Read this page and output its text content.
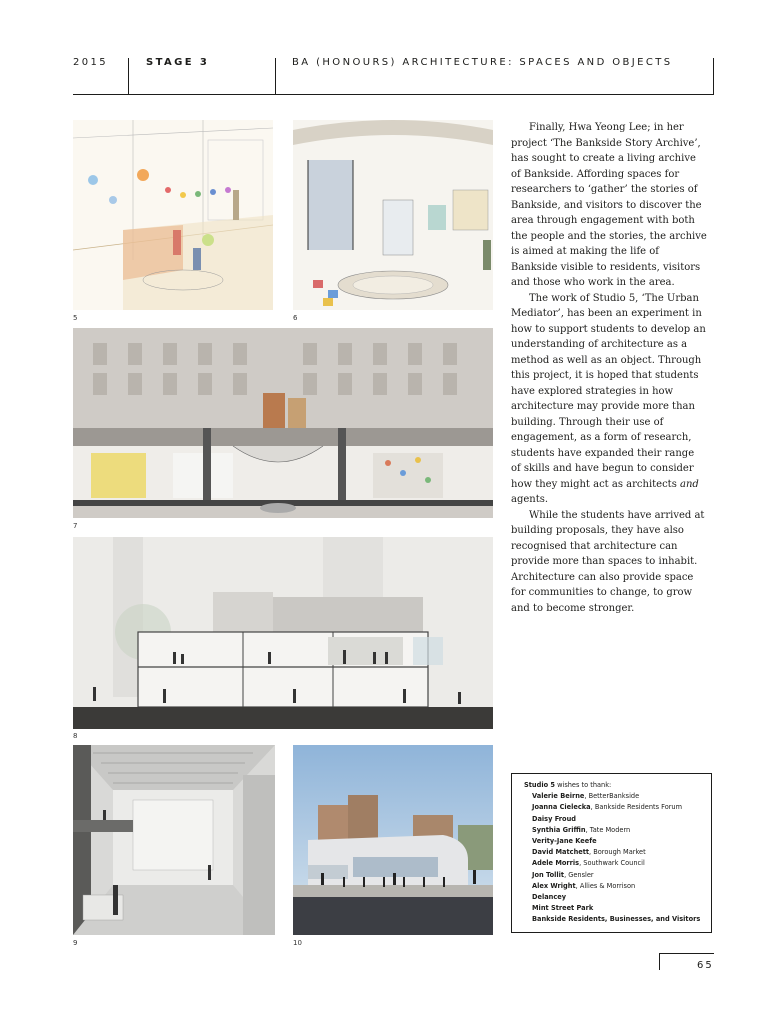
2015	STAGE 3	BA (HONOURS) ARCHITECTURE: SPACES AND OBJECTS
5	6
7
8
9	10

Finally, Hwa Yeong Lee; in her project ‘The Bankside Story Archive’, has sought to create a living archive of Bankside. Affording spaces for researchers to ‘gather’ the stories of Bankside, and visitors to discover the area through engagement with both the people and the stories, the archive is aimed at making the life of Bankside visible to residents, visitors and those who work in the area.

The work of Studio 5, ‘The Urban Mediator’, has been an experiment in how to support students to develop an understanding of architecture as a method as well as an object. Through this project, it is hoped that students have explored strategies in how architecture may provide more than building. Through their use of engagement, as a form of research, students have expanded their range of skills and have begun to consider how they might act as architects and agents.

While the students have arrived at building proposals, they have also recognised that architecture can provide more than spaces to inhabit. Architecture can also provide space for communities to change, to grow and to become stronger.

Studio 5 wishes to thank:
Valerie Beirne, BetterBankside
Joanna Cielecka, Bankside Residents Forum
Daisy Froud
Synthia Griffin, Tate Modern
Verity-Jane Keefe
David Matchett, Borough Market
Adele Morris, Southwark Council
Jon Tollit, Gensler
Alex Wright, Allies & Morrison
Delancey
Mint Street Park
Bankside Residents, Businesses, and Visitors
65
